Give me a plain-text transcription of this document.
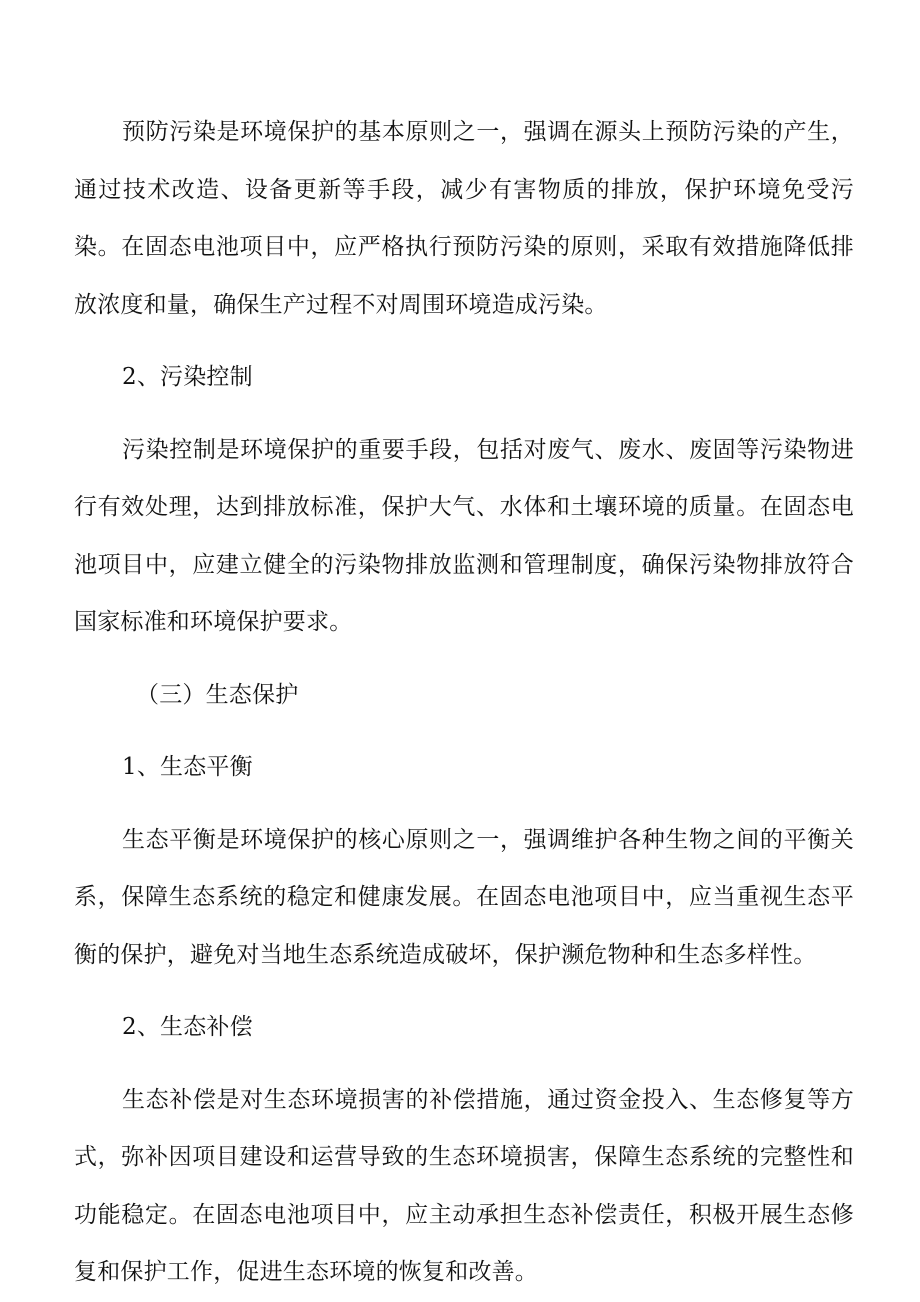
预防污染是环境保护的基本原则之一，强调在源头上预防污染的产生，通过技术改造、设备更新等手段，减少有害物质的排放，保护环境免受污染。在固态电池项目中，应严格执行预防污染的原则，采取有效措施降低排放浓度和量，确保生产过程不对周围环境造成污染。

2、污染控制

污染控制是环境保护的重要手段，包括对废气、废水、废固等污染物进行有效处理，达到排放标准，保护大气、水体和土壤环境的质量。在固态电池项目中，应建立健全的污染物排放监测和管理制度，确保污染物排放符合国家标准和环境保护要求。

（三）生态保护

1、生态平衡

生态平衡是环境保护的核心原则之一，强调维护各种生物之间的平衡关系，保障生态系统的稳定和健康发展。在固态电池项目中，应当重视生态平衡的保护，避免对当地生态系统造成破坏，保护濒危物种和生态多样性。

2、生态补偿

生态补偿是对生态环境损害的补偿措施，通过资金投入、生态修复等方式，弥补因项目建设和运营导致的生态环境损害，保障生态系统的完整性和功能稳定。在固态电池项目中，应主动承担生态补偿责任，积极开展生态修复和保护工作，促进生态环境的恢复和改善。
